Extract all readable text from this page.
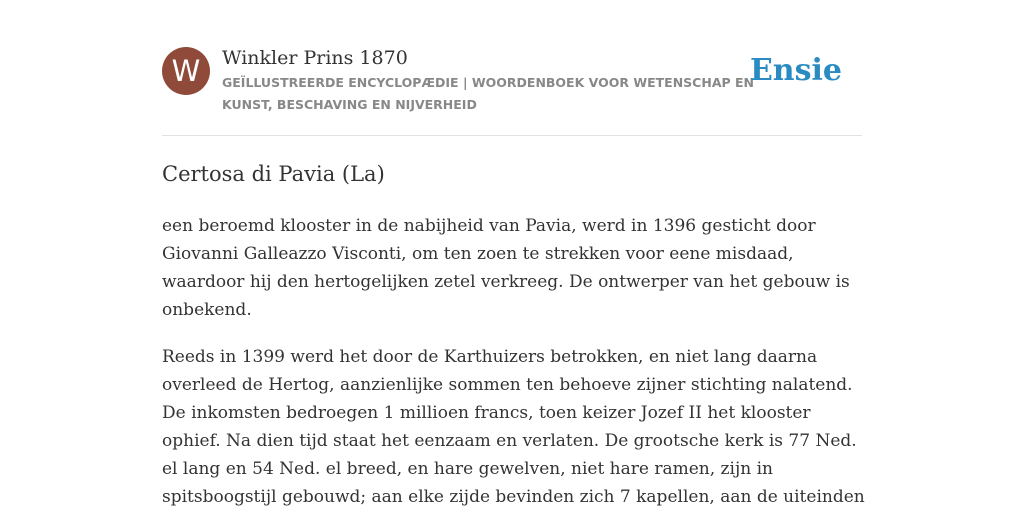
W	Winkler Prins 1870
GEÏLLUSTREERDE ENCYCLOPÆDIE | WOORDENBOEK VOOR WETENSCHAP EN KUNST, BESCHAVING EN NIJVERHEID
Ensie
Certosa di Pavia (La)

een beroemd klooster in de nabijheid van Pavia, werd in 1396 gesticht door Giovanni Galleazzo Visconti, om ten zoen te strekken voor eene misdaad, waardoor hij den hertogelijken zetel verkreeg. De ontwerper van het gebouw is onbekend.

Reeds in 1399 werd het door de Karthuizers betrokken, en niet lang daarna overleed de Hertog, aanzienlijke sommen ten behoeve zijner stichting nalatend. De inkomsten bedroegen 1 millioen francs, toen keizer Jozef II het klooster ophief. Na dien tijd staat het eenzaam en verlaten. De grootsche kerk is 77 Ned. el lang en 54 Ned. el breed, en hare gewelven, niet hare ramen, zijn in spitsboogstijl gebouwd; aan elke zijde bevinden zich 7 kapellen, aan de uiteinden
